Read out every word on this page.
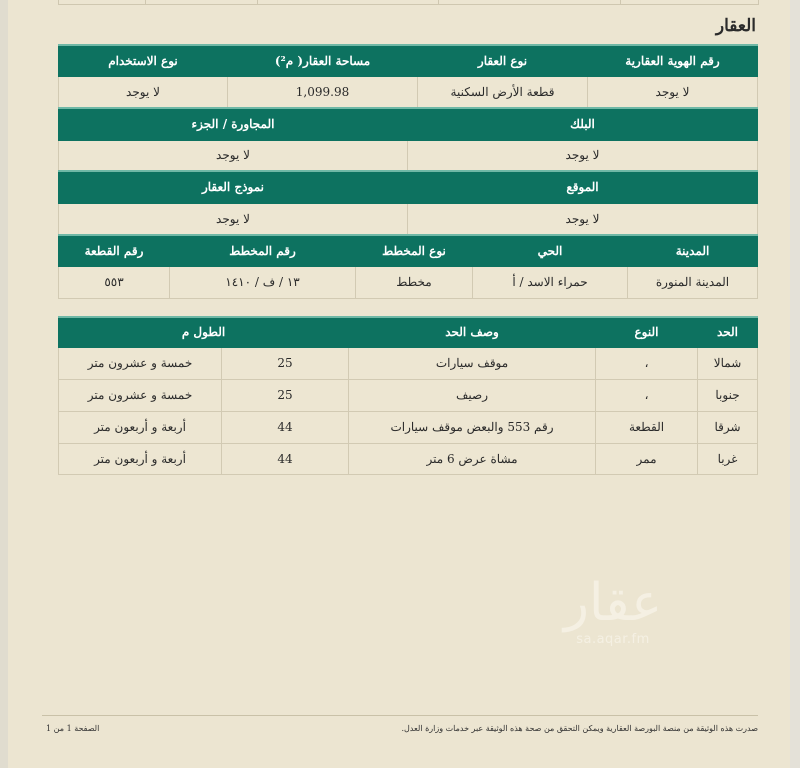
العقار
رقم الهوية العقارية	نوع العقار	مساحة العقار( م²)	نوع الاستخدام
لا يوجد	قطعة الأرض السكنية	1,099.98	لا يوجد
البلك	المجاورة / الجزء
لا يوجد	لا يوجد
الموقع	نموذج العقار
لا يوجد	لا يوجد
المدينة	الحي	نوع المخطط	رقم المخطط	رقم القطعة
المدينة المنورة	حمراء الاسد / أ	مخطط	١٣ / ف / ١٤١٠	٥٥٣
الحد	النوع	وصف الحد	الطول م	
شمالا	،	موقف سيارات	25	خمسة و عشرون متر
جنوبا	،	رصيف	25	خمسة و عشرون متر
شرقا	القطعة	رقم 553 والبعض موقف سيارات	44	أربعة و أربعون متر
غربا	ممر	مشاة عرض 6 متر	44	أربعة و أربعون متر
عقار
sa.aqar.fm
صدرت هذه الوثيقة من منصة البورصة العقارية ويمكن التحقق من صحة هذه الوثيقة عبر خدمات وزارة العدل.
الصفحة 1 من 1
